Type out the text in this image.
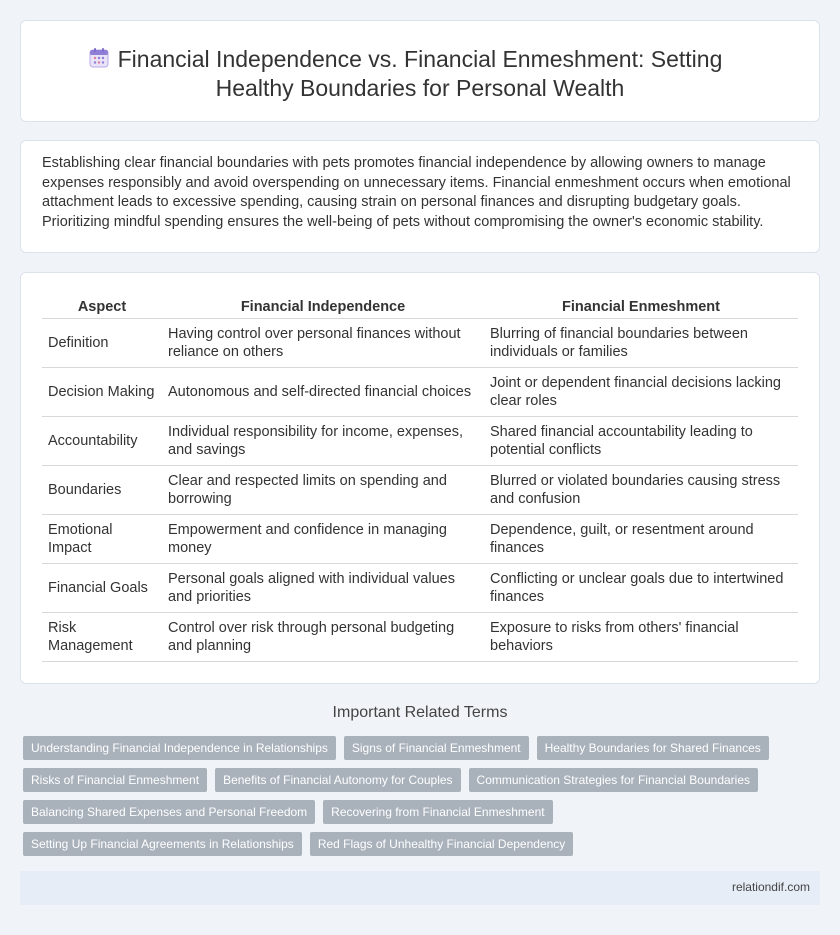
Financial Independence vs. Financial Enmeshment: Setting
Healthy Boundaries for Personal Wealth

Establishing clear financial boundaries with pets promotes financial independence by allowing owners to manage expenses responsibly and avoid overspending on unnecessary items. Financial enmeshment occurs when emotional attachment leads to excessive spending, causing strain on personal finances and disrupting budgetary goals. Prioritizing mindful spending ensures the well-being of pets without compromising the owner's economic stability.

Aspect	Financial Independence	Financial Enmeshment
Definition	Having control over personal finances without reliance on others	Blurring of financial boundaries between individuals or families
Decision Making	Autonomous and self-directed financial choices	Joint or dependent financial decisions lacking clear roles
Accountability	Individual responsibility for income, expenses, and savings	Shared financial accountability leading to potential conflicts
Boundaries	Clear and respected limits on spending and borrowing	Blurred or violated boundaries causing stress and confusion
Emotional Impact	Empowerment and confidence in managing money	Dependence, guilt, or resentment around finances
Financial Goals	Personal goals aligned with individual values and priorities	Conflicting or unclear goals due to intertwined finances
Risk Management	Control over risk through personal budgeting and planning	Exposure to risks from others' financial behaviors
Important Related Terms
Understanding Financial Independence in Relationships	Signs of Financial Enmeshment	Healthy Boundaries for Shared Finances
Risks of Financial Enmeshment	Benefits of Financial Autonomy for Couples	Communication Strategies for Financial Boundaries
Balancing Shared Expenses and Personal Freedom	Recovering from Financial Enmeshment
Setting Up Financial Agreements in Relationships	Red Flags of Unhealthy Financial Dependency
relationdif.com
